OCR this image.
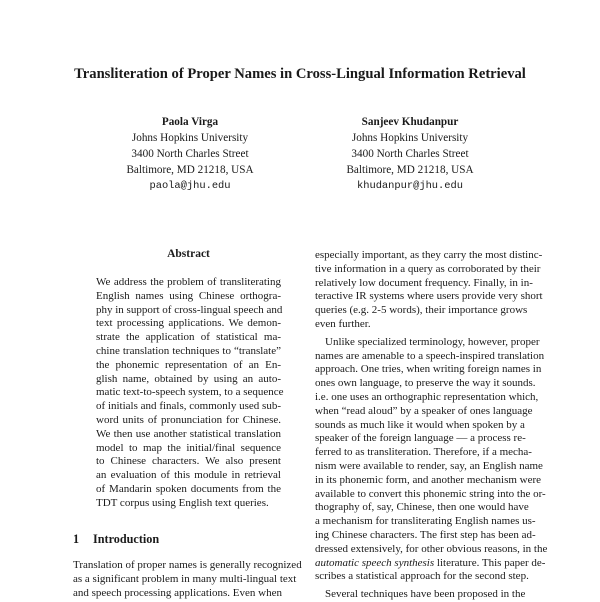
Transliteration of Proper Names in Cross-Lingual Information Retrieval
Paola Virga
Johns Hopkins University
3400 North Charles Street
Baltimore, MD 21218, USA
paola@jhu.edu
Sanjeev Khudanpur
Johns Hopkins University
3400 North Charles Street
Baltimore, MD 21218, USA
khudanpur@jhu.edu
Abstract
We address the problem of transliterating
English names using Chinese orthogra-
phy in support of cross-lingual speech and
text processing applications. We demon-
strate the application of statistical ma-
chine translation techniques to “translate”
the phonemic representation of an En-
glish name, obtained by using an auto-
matic text-to-speech system, to a sequence
of initials and finals, commonly used sub-
word units of pronunciation for Chinese.
We then use another statistical translation
model to map the initial/final sequence
to Chinese characters. We also present
an evaluation of this module in retrieval
of Mandarin spoken documents from the
TDT corpus using English text queries.
1 Introduction
Translation of proper names is generally recognized
as a significant problem in many multi-lingual text
and speech processing applications. Even when
especially important, as they carry the most distinc-
tive information in a query as corroborated by their
relatively low document frequency. Finally, in in-
teractive IR systems where users provide very short
queries (e.g. 2-5 words), their importance grows
even further.
Unlike specialized terminology, however, proper
names are amenable to a speech-inspired translation
approach. One tries, when writing foreign names in
ones own language, to preserve the way it sounds.
i.e. one uses an orthographic representation which,
when “read aloud” by a speaker of ones language
sounds as much like it would when spoken by a
speaker of the foreign language — a process re-
ferred to as transliteration. Therefore, if a mecha-
nism were available to render, say, an English name
in its phonemic form, and another mechanism were
available to convert this phonemic string into the or-
thography of, say, Chinese, then one would have
a mechanism for transliterating English names us-
ing Chinese characters. The first step has been ad-
dressed extensively, for other obvious reasons, in the
automatic speech synthesis literature. This paper de-
scribes a statistical approach for the second step.
Several techniques have been proposed in the
